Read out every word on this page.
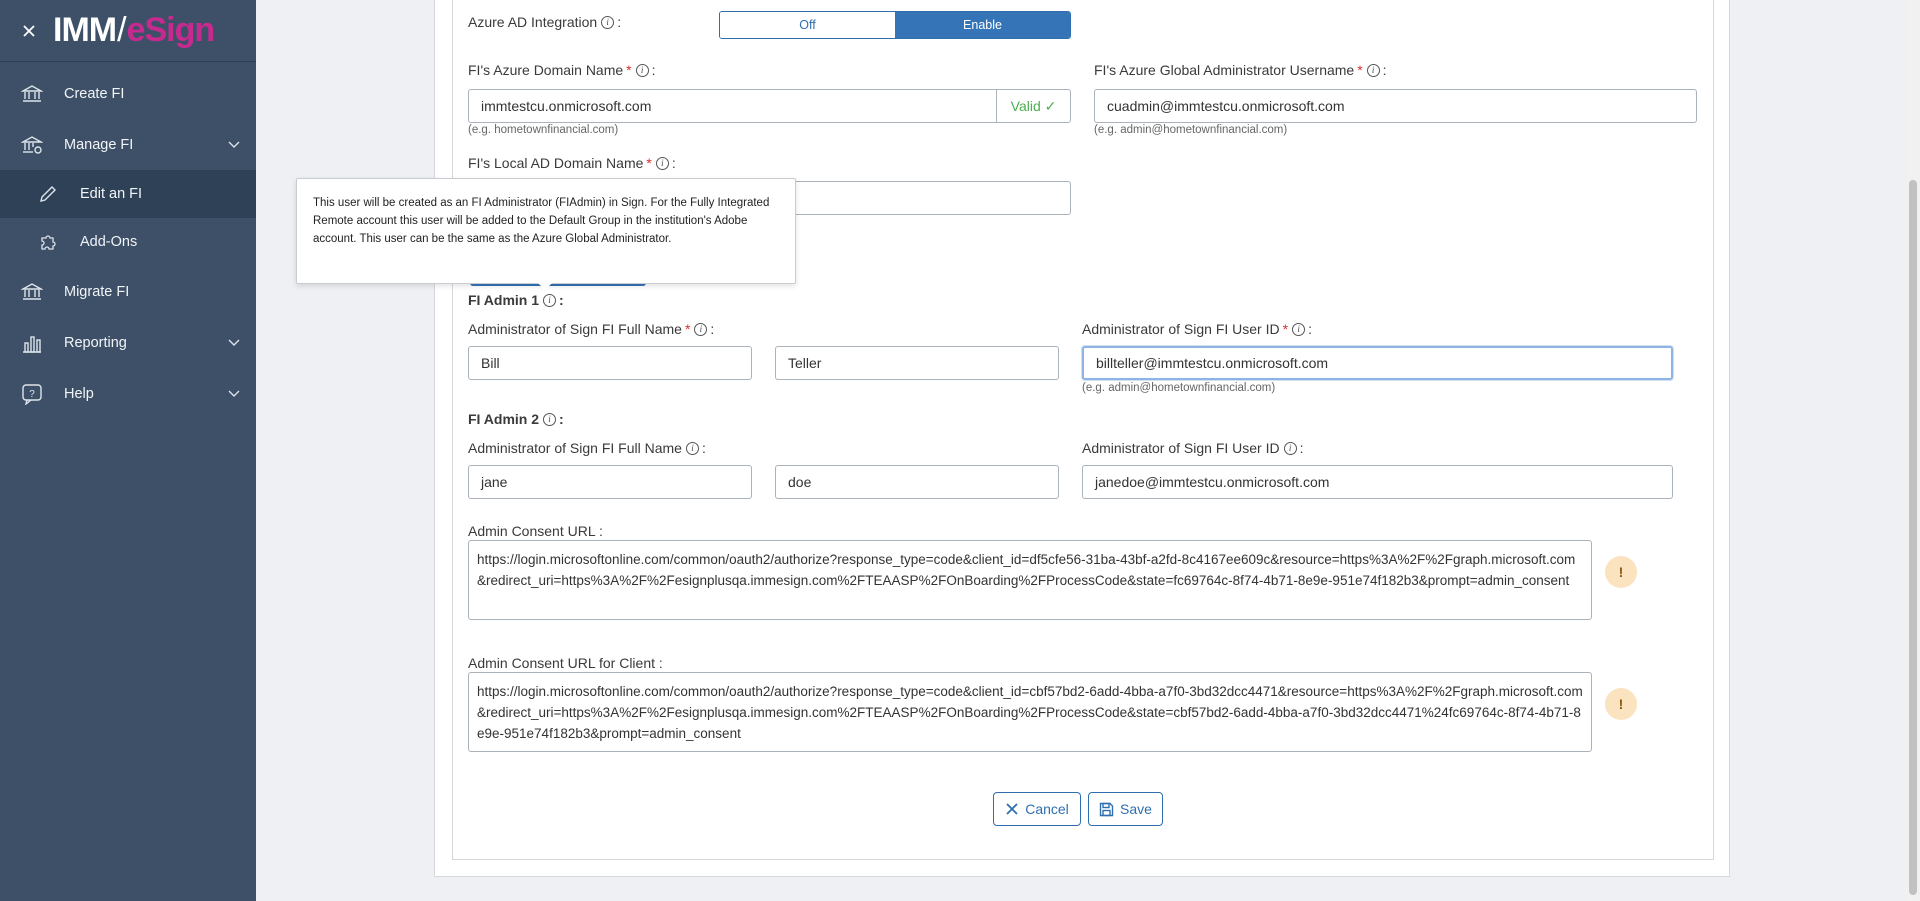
IMM / eSign
Create FI
Manage FI
Edit an FI
Add-Ons
Migrate FI
Reporting
? Help
Azure AD Integration	i :	Off	Enable
FI's Azure Domain Name *	i :
immtestcu.onmicrosoft.com	Valid ✓
(e.g. hometownfinancial.com)
FI's Azure Global Administrator Username *	i :
cuadmin@immtestcu.onmicrosoft.com
(e.g. admin@hometownfinancial.com)
FI's Local AD Domain Name *	i :
FI Admin 1	i :
Administrator of Sign FI Full Name *	i :
Bill	Teller
Administrator of Sign FI User ID *	i :
billteller@immtestcu.onmicrosoft.com
(e.g. admin@hometownfinancial.com)
FI Admin 2	i :
Administrator of Sign FI Full Name	i :
jane	doe
Administrator of Sign FI User ID	i :
janedoe@immtestcu.onmicrosoft.com
Admin Consent URL :
https://login.microsoftonline.com/common/oauth2/authorize?response_type=code&client_id=df5cfe56-31ba-43bf-a2fd-8c4167ee609c&resource=https%3A%2F%2Fgraph.microsoft.com&redirect_uri=https%3A%2F%2Fesignplusqa.immesign.com%2FTEAASP%2FOnBoarding%2FProcessCode&state=fc69764c-8f74-4b71-8e9e-951e74f182b3&prompt=admin_consent
!
Admin Consent URL for Client :
https://login.microsoftonline.com/common/oauth2/authorize?response_type=code&client_id=cbf57bd2-6add-4bba-a7f0-3bd32dcc4471&resource=https%3A%2F%2Fgraph.microsoft.com&redirect_uri=https%3A%2F%2Fesignplusqa.immesign.com%2FTEAASP%2FOnBoarding%2FProcessCode&state=cbf57bd2-6add-4bba-a7f0-3bd32dcc4471%24fc69764c-8f74-4b71-8e9e-951e74f182b3&prompt=admin_consent
!
Cancel	Save
This user will be created as an FI Administrator (FIAdmin) in Sign. For the Fully Integrated Remote account this user will be added to the Default Group in the institution's Adobe account. This user can be the same as the Azure Global Administrator.
